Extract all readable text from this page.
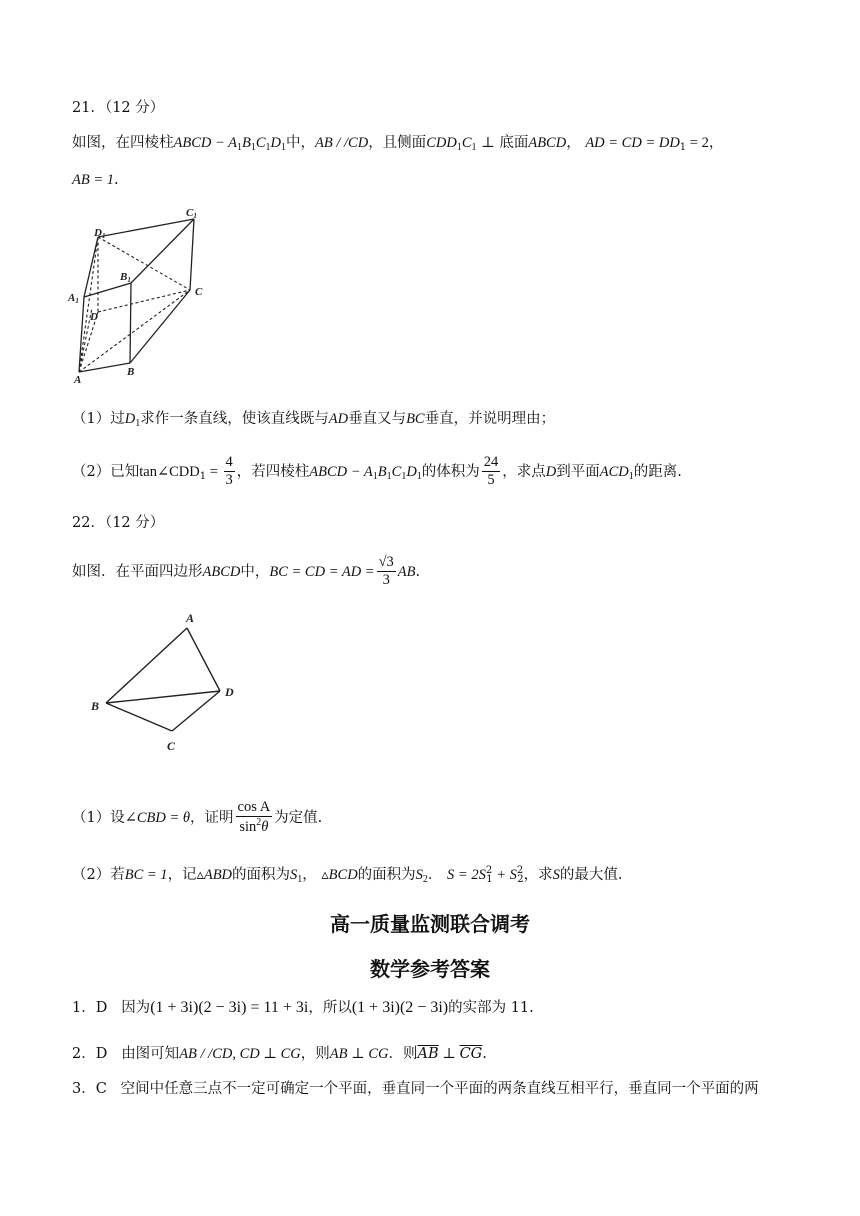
21．（12 分）
如图，在四棱柱ABCD − $A_1B_1C_1D_1$中，AB / /CD，且侧面$CDD_1C_1$ ⊥ 底面ABCD， AD = CD = $DD_1 = 2$，
AB = 1.
C1
D1
B1
A1
C
D
A
B
（1）过$D_1$求作一条直线，使该直线既与AD垂直又与BC垂直，并说明理由；
（2）已知$\tan\angle CDD_1 = \frac{4}{3}$ ，若四棱柱ABCD − $A_1B_1C_1D_1$的体积为 $\frac{24}{5}$ ，求点D到平面$ACD_1$的距离.
22．（12 分）
如图．在平面四边形ABCD中，BC = CD = AD = $\frac{√3}{3}$ AB.
A
B
D
C
（1）设∠CBD = θ，证明 $\frac{\text{cos A}}{\sin^2\theta}$ 为定值.
（2）若BC = 1，记▵ABD的面积为$S_1$， ▵BCD的面积为$S_2$． $S = 2S^2_1 + S^2_2$，求S的最大值.
高一质量监测联合调考
数学参考答案
1．D 因为(1 + 3i)(2 − 3i) = 11 + 3i，所以(1 + 3i)(2 − 3i)的实部为 11.
2．D 由图可知AB / /CD, CD ⊥ CG，则AB ⊥ CG．则$\overline{AB}$ ⊥ $\overline{CG}$.
3．C 空间中任意三点不一定可确定一个平面，垂直同一个平面的两条直线互相平行，垂直同一个平面的两
